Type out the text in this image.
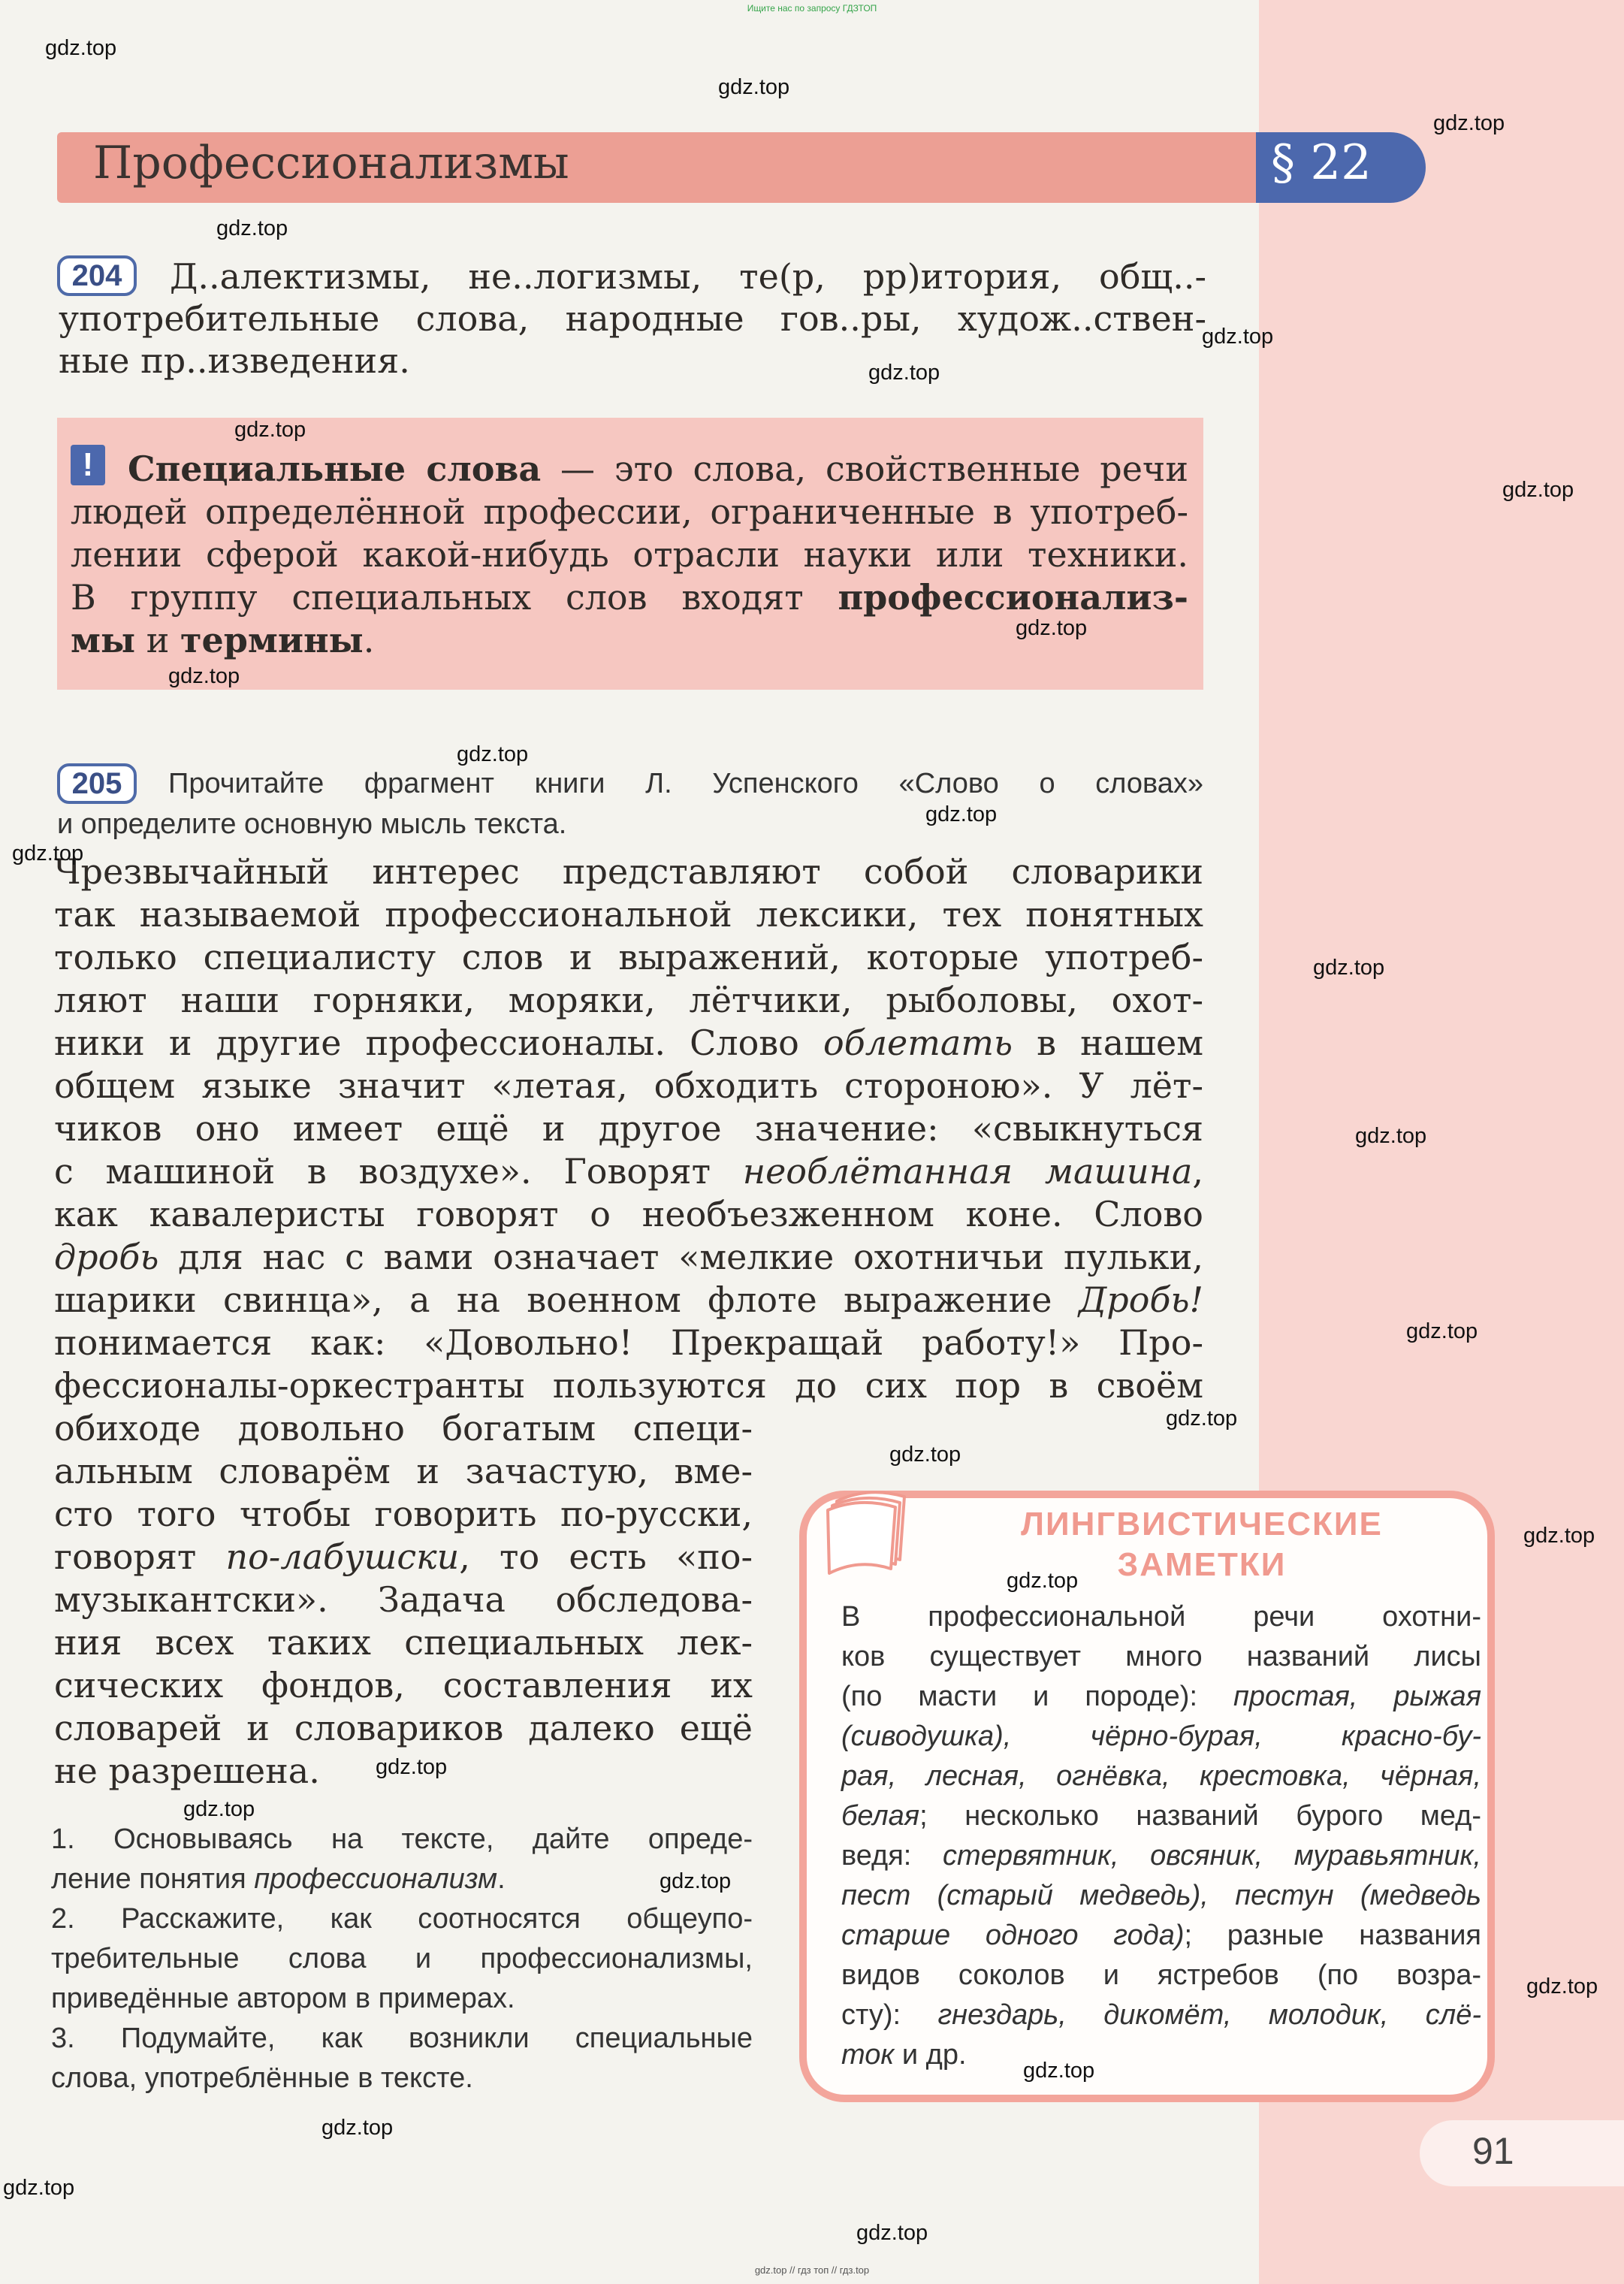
Ищите нас по запросу ГДЗТОП
Профессионализмы	§ 22
204	Д..алектизмы, не..логизмы, те(р, рр)итория, общ..-

употребительные слова, народные гов..ры, худож..ствен-

ные пр..изведения.

! Специальные слова — это слова, свойственные речи

людей определённой профессии, ограниченные в употреб-

лении сферой какой-нибудь отрасли науки или техники.

В группу специальных слов входят профессионализ-

мы и термины.

205	Прочитайте фрагмент книги Л. Успенского «Слово о словах»

и определите основную мысль текста.

Чрезвычайный интерес представляют собой словарики

так называемой профессиональной лексики, тех понятных

только специалисту слов и выражений, которые употреб-

ляют наши горняки, моряки, лётчики, рыболовы, охот-

ники и другие профессионалы. Слово облетать в нашем

общем языке значит «летая, обходить стороною». У лёт-

чиков оно имеет ещё и другое значение: «свыкнуться

с машиной в воздухе». Говорят необлётанная машина,

как кавалеристы говорят о необъезженном коне. Слово

дробь для нас с вами означает «мелкие охотничьи пульки,

шарики свинца», а на военном флоте выражение Дробь!

понимается как: «Довольно! Прекращай работу!» Про-

фессионалы-оркестранты пользуются до сих пор в своём

обиходе довольно богатым специ-

альным словарём и зачастую, вме-

сто того чтобы говорить по-русски,

говорят по-лабушски, то есть «по-

музыкантски». Задача обследова-

ния всех таких специальных лек-

сических фондов, составления их

словарей и словариков далеко ещё

не разрешена.

1. Основываясь на тексте, дайте опреде-

ление понятия профессионализм.

2. Расскажите, как соотносятся общеупо-

требительные слова и профессионализмы,

приведённые автором в примерах.

3. Подумайте, как возникли специальные

слова, употреблённые в тексте.

ЛИНГВИСТИЧЕСКИЕ

ЗАМЕТКИ

В профессиональной речи охотни-

ков существует много названий лисы

(по масти и породе): простая, рыжая

(сиводушка), чёрно-бурая, красно-бу-

рая, лесная, огнёвка, крестовка, чёрная,

белая; несколько названий бурого мед-

ведя: стервятник, овсяник, муравьятник,

пест (старый медведь), пестун (медведь

старше одного года); разные названия

видов соколов и ястребов (по возра-

сту): гнездарь, дикомёт, молодик, слё-

ток и др.

91
gdz.top
gdz.top
gdz.top
gdz.top
gdz.top
gdz.top
gdz.top
gdz.top
gdz.top
gdz.top
gdz.top
gdz.top
gdz.top
gdz.top
gdz.top
gdz.top
gdz.top
gdz.top
gdz.top
gdz.top
gdz.top
gdz.top
gdz.top
gdz.top
gdz.top
gdz.top
gdz.top
gdz.top
gdz.top // гдз топ // гдз.top
